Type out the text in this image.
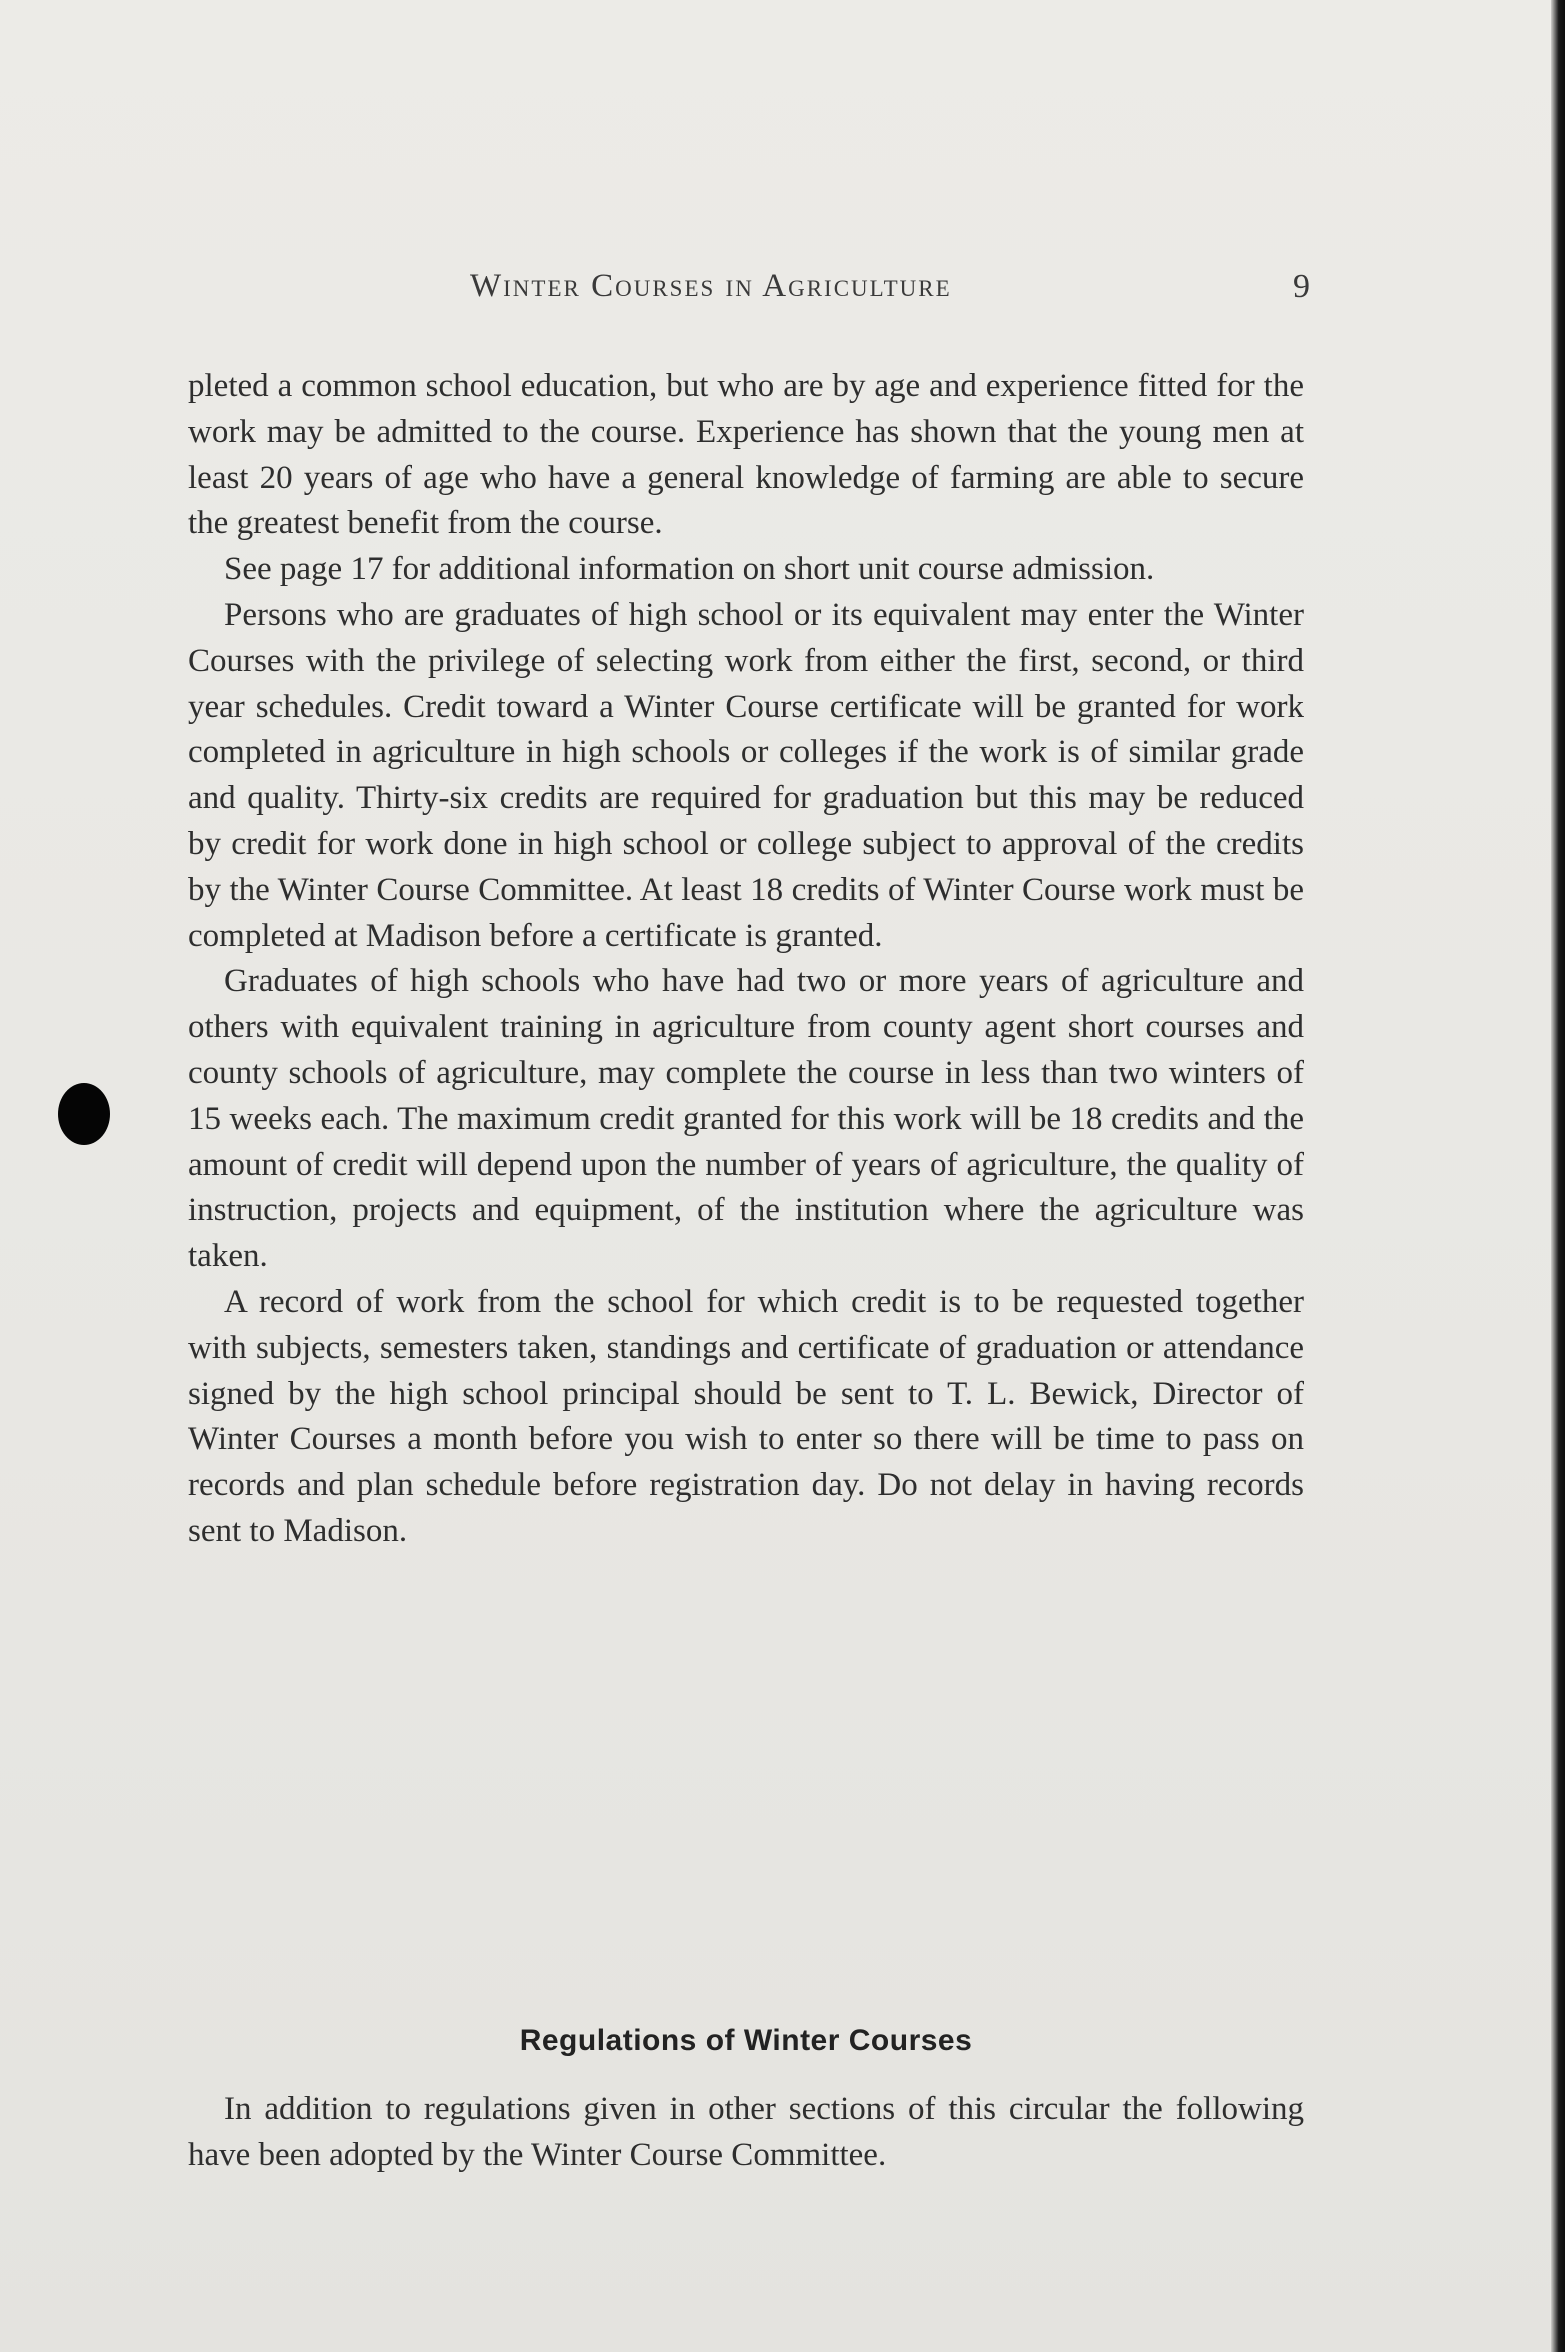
Winter Courses in Agriculture	9

pleted a common school education, but who are by age and experience fitted for the work may be admitted to the course. Experience has shown that the young men at least 20 years of age who have a general knowledge of farming are able to secure the greatest benefit from the course.

See page 17 for additional information on short unit course admission.

Persons who are graduates of high school or its equivalent may enter the Winter Courses with the privilege of selecting work from either the first, second, or third year schedules. Credit toward a Winter Course certificate will be granted for work completed in agriculture in high schools or colleges if the work is of similar grade and quality. Thirty-six credits are required for graduation but this may be reduced by credit for work done in high school or college subject to approval of the credits by the Winter Course Committee. At least 18 credits of Winter Course work must be completed at Madison before a certificate is granted.

Graduates of high schools who have had two or more years of agriculture and others with equivalent training in agriculture from county agent short courses and county schools of agriculture, may complete the course in less than two winters of 15 weeks each. The maximum credit granted for this work will be 18 credits and the amount of credit will depend upon the number of years of agriculture, the quality of instruction, projects and equipment, of the institution where the agriculture was taken.

A record of work from the school for which credit is to be requested together with subjects, semesters taken, standings and certificate of graduation or attendance signed by the high school principal should be sent to T. L. Bewick, Director of Winter Courses a month before you wish to enter so there will be time to pass on records and plan schedule before registration day. Do not delay in having records sent to Madison.

Regulations of Winter Courses

In addition to regulations given in other sections of this circular the following have been adopted by the Winter Course Committee.
